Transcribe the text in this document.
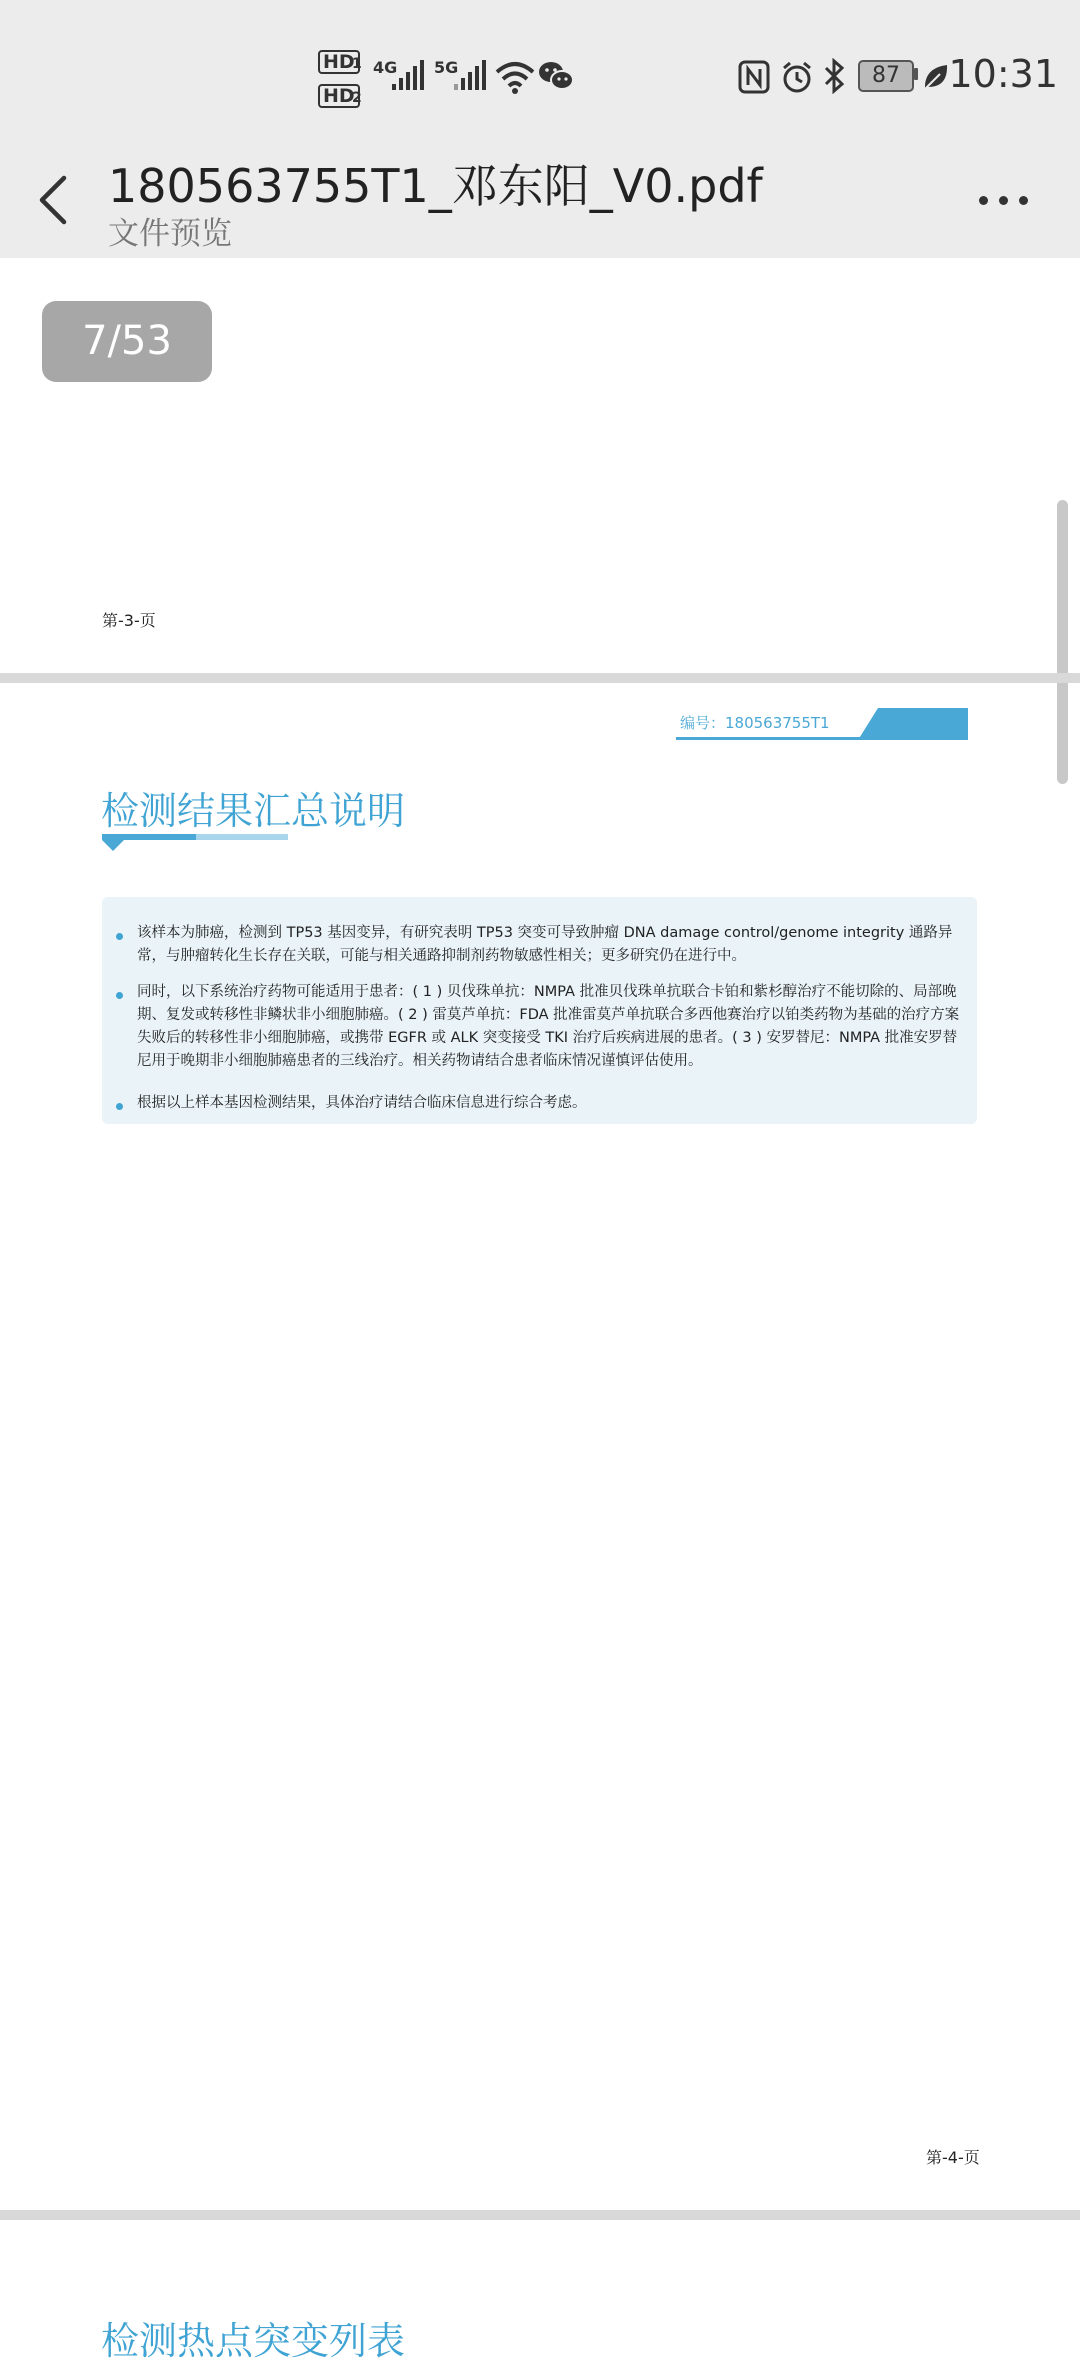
HD
1
HD
2
4G 5G	87	10:31
180563755T1_邓东阳_V0.pdf
文件预览
7/53
第-3-页
编号：180563755T1
检测结果汇总说明
该样本为肺癌，检测到 TP53 基因变异，有研究表明 TP53 突变可导致肿瘤 DNA damage control/genome integrity 通路异常，与肿瘤转化生长存在关联，可能与相关通路抑制剂药物敏感性相关；更多研究仍在进行中。
同时，以下系统治疗药物可能适用于患者：( 1 ) 贝伐珠单抗：NMPA 批准贝伐珠单抗联合卡铂和紫杉醇治疗不能切除的、局部晚期、复发或转移性非鳞状非小细胞肺癌。( 2 ) 雷莫芦单抗：FDA 批准雷莫芦单抗联合多西他赛治疗以铂类药物为基础的治疗方案失败后的转移性非小细胞肺癌，或携带 EGFR 或 ALK 突变接受 TKI 治疗后疾病进展的患者。( 3 ) 安罗替尼：NMPA 批准安罗替尼用于晚期非小细胞肺癌患者的三线治疗。相关药物请结合患者临床情况谨慎评估使用。
根据以上样本基因检测结果，具体治疗请结合临床信息进行综合考虑。
第-4-页
检测热点突变列表
